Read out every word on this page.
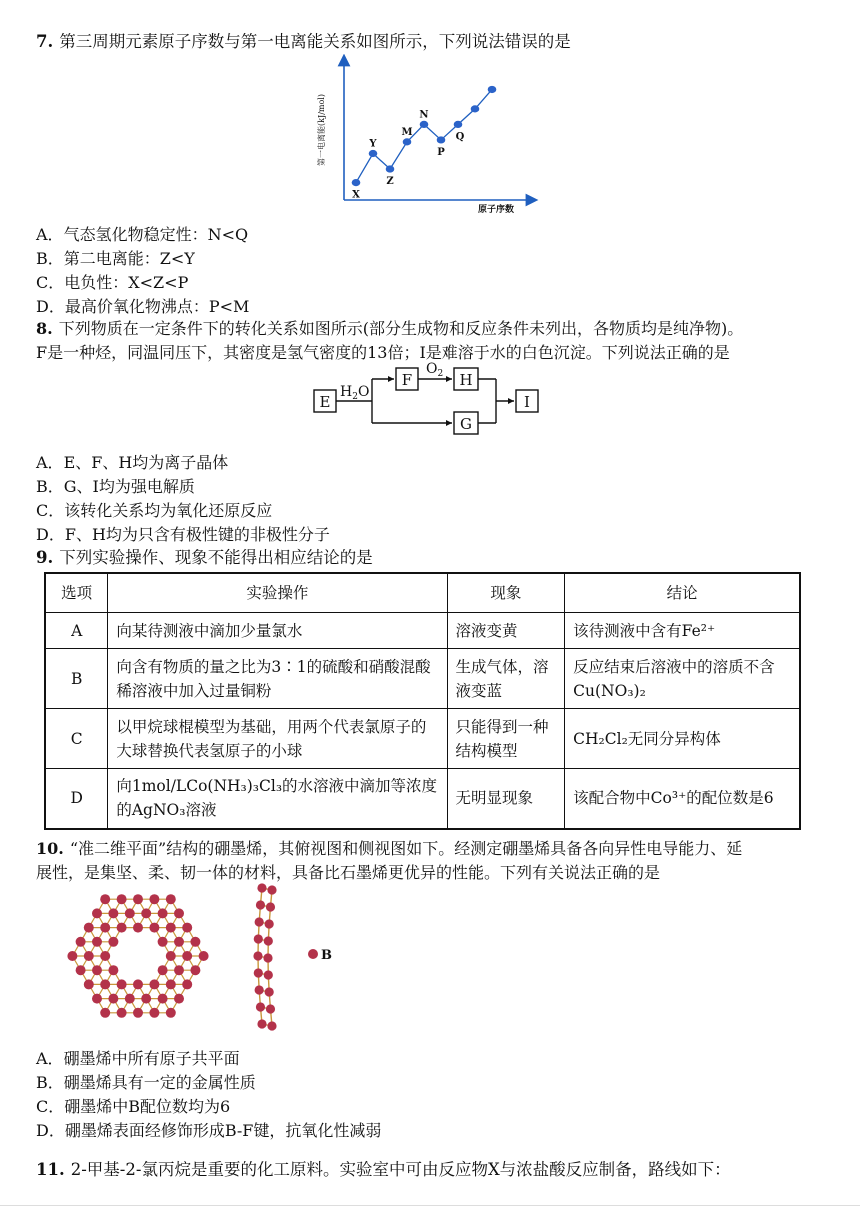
7. 第三周期元素原子序数与第一电离能关系如图所示，下列说法错误的是
第一电离能(kJ/mol)
原子序数
X
Y
Z
M
N
P
Q
A．气态氢化物稳定性：N<Q
B．第二电离能：Z<Y
C．电负性：X<Z<P
D．最高价氧化物沸点：P<M
8. 下列物质在一定条件下的转化关系如图所示(部分生成物和反应条件未列出，各物质均是纯净物)。
F是一种烃，同温同压下，其密度是氢气密度的13倍；I是难溶于水的白色沉淀。下列说法正确的是
E
F	H
G
I
$H_2O$
$O_2$
A．E、F、H均为离子晶体
B．G、I均为强电解质
C．该转化关系均为氧化还原反应
D．F、H均为只含有极性键的非极性分子
9. 下列实验操作、现象不能得出相应结论的是
选项	实验操作	现象	结论
A	向某待测液中滴加少量氯水	溶液变黄	该待测液中含有Fe²⁺
B	向含有物质的量之比为3∶1的硫酸和硝酸混酸稀溶液中加入过量铜粉	生成气体，溶液变蓝	反应结束后溶液中的溶质不含Cu(NO₃)₂
C	以甲烷球棍模型为基础，用两个代表氯原子的大球替换代表氢原子的小球	只能得到一种结构模型	CH₂Cl₂无同分异构体
D	向1mol/LCo(NH₃)₃Cl₃的水溶液中滴加等浓度的AgNO₃溶液	无明显现象	该配合物中Co³⁺的配位数是6
10. “准二维平面”结构的硼墨烯，其俯视图和侧视图如下。经测定硼墨烯具备各向异性电导能力、延
展性，是集坚、柔、韧一体的材料，具备比石墨烯更优异的性能。下列有关说法正确的是
B
A．硼墨烯中所有原子共平面
B．硼墨烯具有一定的金属性质
C．硼墨烯中B配位数均为6
D．硼墨烯表面经修饰形成B-F键，抗氧化性减弱
11. 2-甲基-2-氯丙烷是重要的化工原料。实验室中可由反应物X与浓盐酸反应制备，路线如下：
